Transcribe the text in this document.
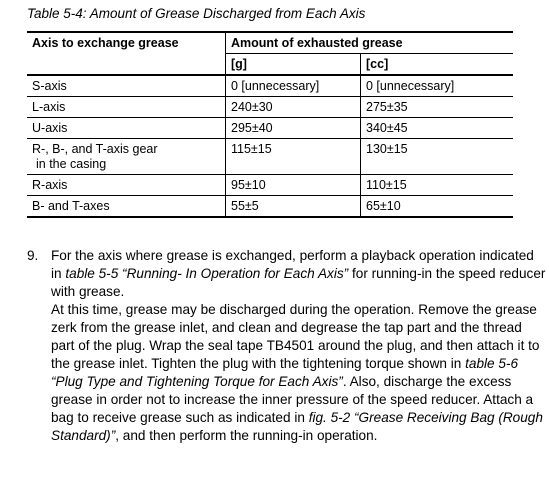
Table 5-4: Amount of Grease Discharged from Each Axis
Axis to exchange grease	Amount of exhausted grease	
	[g]	[cc]
S-axis	0 [unnecessary]	0 [unnecessary]
L-axis	240±30	275±35
U-axis	295±40	340±45
R-, B-, and T-axis gear
in the casing	115±15	130±15
R-axis	95±10	110±15
B- and T-axes	55±5	65±10
9. For the axis where grease is exchanged, perform a playback operation indicated in table 5-5 “Running- In Operation for Each Axis” for running-in the speed reducer with grease.

At this time, grease may be discharged during the operation. Remove the grease zerk from the grease inlet, and clean and degrease the tap part and the thread part of the plug. Wrap the seal tape TB4501 around the plug, and then attach it to the grease inlet. Tighten the plug with the tightening torque shown in table 5-6 “Plug Type and Tightening Torque for Each Axis”. Also, discharge the excess grease in order not to increase the inner pressure of the speed reducer. Attach a bag to receive grease such as indicated in fig. 5-2 “Grease Receiving Bag (Rough Standard)”, and then perform the running-in operation.
